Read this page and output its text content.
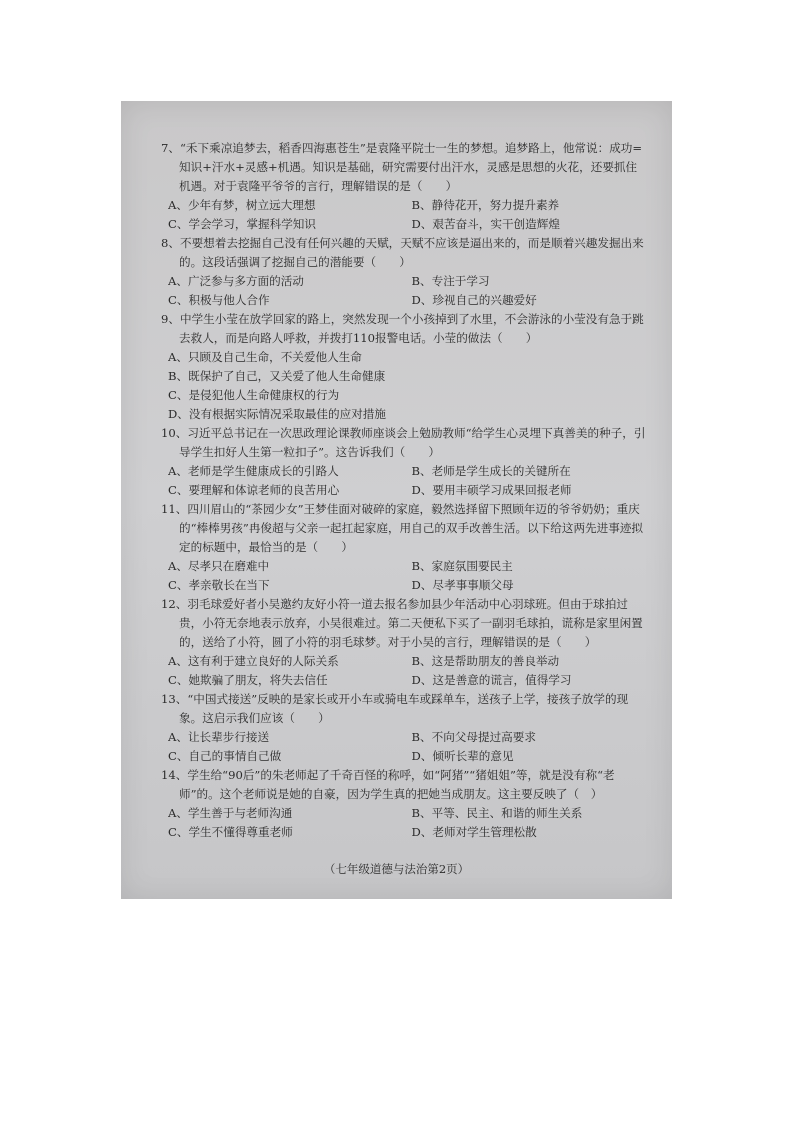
7、“禾下乘凉追梦去，稻香四海惠苍生”是袁隆平院士一生的梦想。追梦路上，他常说：成功=知识+汗水+灵感+机遇。知识是基础，研究需要付出汗水，灵感是思想的火花，还要抓住机遇。对于袁隆平爷爷的言行，理解错误的是（　　）
A、少年有梦，树立远大理想	B、静待花开，努力提升素养
C、学会学习，掌握科学知识	D、艰苦奋斗，实干创造辉煌
8、不要想着去挖掘自己没有任何兴趣的天赋，天赋不应该是逼出来的，而是顺着兴趣发掘出来的。这段话强调了挖掘自己的潜能要（　　）
A、广泛参与多方面的活动	B、专注于学习
C、积极与他人合作	D、珍视自己的兴趣爱好
9、中学生小莹在放学回家的路上，突然发现一个小孩掉到了水里，不会游泳的小莹没有急于跳去救人，而是向路人呼救，并拨打110报警电话。小莹的做法（　　）
A、只顾及自己生命，不关爱他人生命
B、既保护了自己，又关爱了他人生命健康
C、是侵犯他人生命健康权的行为
D、没有根据实际情况采取最佳的应对措施
10、习近平总书记在一次思政理论课教师座谈会上勉励教师“给学生心灵埋下真善美的种子，引导学生扣好人生第一粒扣子”。这告诉我们（　　）
A、老师是学生健康成长的引路人	B、老师是学生成长的关键所在
C、要理解和体谅老师的良苦用心	D、要用丰硕学习成果回报老师
11、四川眉山的“茶园少女”王梦佳面对破碎的家庭，毅然选择留下照顾年迈的爷爷奶奶；重庆的“棒棒男孩”冉俊超与父亲一起扛起家庭，用自己的双手改善生活。以下给这两先进事迹拟定的标题中，最恰当的是（　　）
A、尽孝只在磨难中	B、家庭氛围要民主
C、孝亲敬长在当下	D、尽孝事事顺父母
12、羽毛球爱好者小吴邀约友好小符一道去报名参加县少年活动中心羽球班。但由于球拍过贵，小符无奈地表示放弃，小吴很难过。第二天便私下买了一副羽毛球拍，谎称是家里闲置的，送给了小符，圆了小符的羽毛球梦。对于小吴的言行，理解错误的是（　　）
A、这有利于建立良好的人际关系	B、这是帮助朋友的善良举动
C、她欺骗了朋友，将失去信任	D、这是善意的谎言，值得学习
13、“中国式接送”反映的是家长或开小车或骑电车或踩单车，送孩子上学，接孩子放学的现象。这启示我们应该（　　）
A、让长辈步行接送	B、不向父母提过高要求
C、自己的事情自己做	D、倾听长辈的意见
14、学生给“90后”的朱老师起了千奇百怪的称呼，如“阿猪”“猪姐姐”等，就是没有称“老师”的。这个老师说是她的自豪，因为学生真的把她当成朋友。这主要反映了（　）
A、学生善于与老师沟通	B、平等、民主、和谐的师生关系
C、学生不懂得尊重老师	D、老师对学生管理松散
（七年级道德与法治第2页）
